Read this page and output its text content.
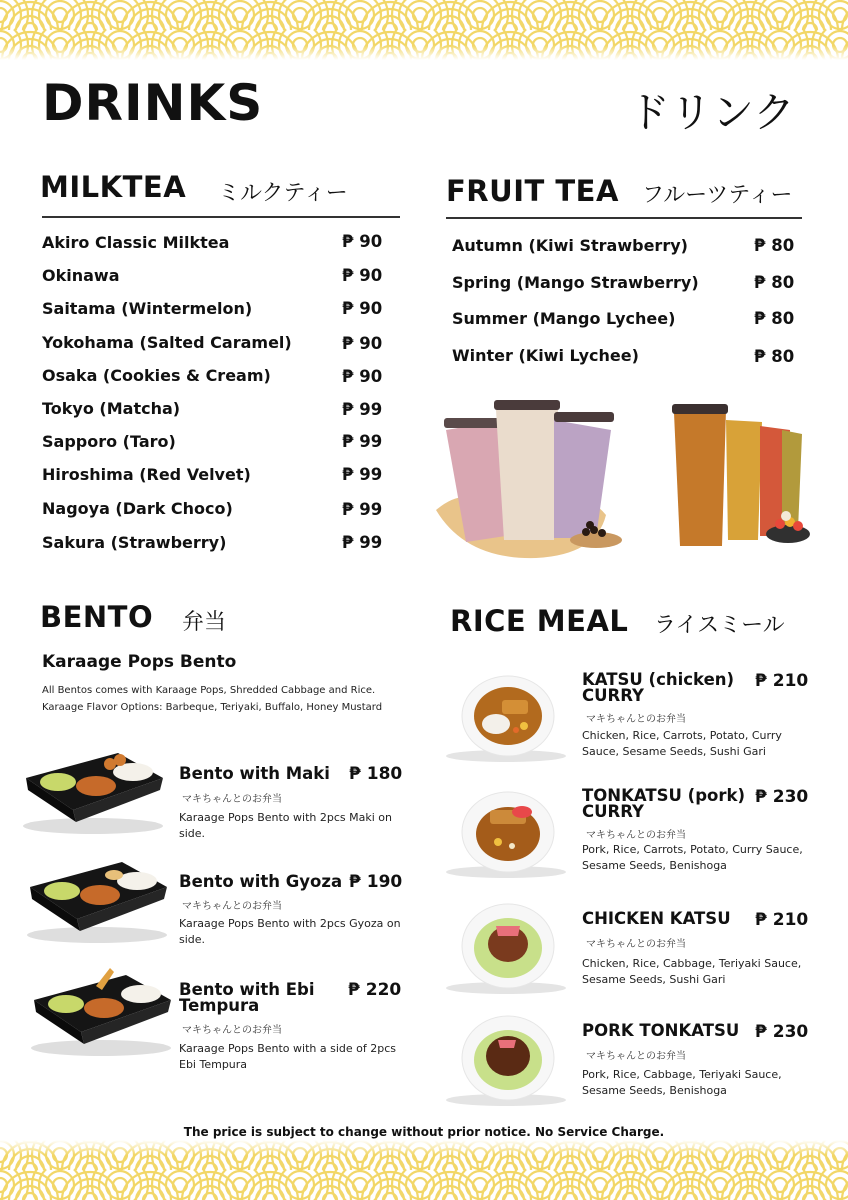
DRINKS	ドリンク
MILKTEA ミルクティー
Akiro Classic Milktea	₱ 90
Okinawa	₱ 90
Saitama (Wintermelon)	₱ 90
Yokohama (Salted Caramel)	₱ 90
Osaka (Cookies & Cream)	₱ 90
Tokyo (Matcha)	₱ 99
Sapporo (Taro)	₱ 99
Hiroshima (Red Velvet)	₱ 99
Nagoya (Dark Choco)	₱ 99
Sakura (Strawberry)	₱ 99
FRUIT TEA フルーツティー
Autumn (Kiwi Strawberry)	₱ 80
Spring (Mango Strawberry)	₱ 80
Summer (Mango Lychee)	₱ 80
Winter (Kiwi Lychee)	₱ 80
BENTO 弁当
Karaage Pops Bento
All Bentos comes with Karaage Pops, Shredded Cabbage and Rice.
Karaage Flavor Options: Barbeque, Teriyaki, Buffalo, Honey Mustard
Bento with Maki ₱ 180
マキちゃんとのお弁当
Karaage Pops Bento with 2pcs Maki on side.
Bento with Gyoza ₱ 190
マキちゃんとのお弁当
Karaage Pops Bento with 2pcs Gyoza on side.
Bento with Ebi Tempura
₱ 220
マキちゃんとのお弁当
Karaage Pops Bento with a side of 2pcs Ebi Tempura
RICE MEAL ライスミール
KATSU (chicken) CURRY
₱ 210
マキちゃんとのお弁当
Chicken, Rice, Carrots, Potato, Curry Sauce, Sesame Seeds, Sushi Gari
TONKATSU (pork) CURRY
₱ 230
マキちゃんとのお弁当
Pork, Rice, Carrots, Potato, Curry Sauce, Sesame Seeds, Benishoga
CHICKEN KATSU ₱ 210
マキちゃんとのお弁当
Chicken, Rice, Cabbage, Teriyaki Sauce, Sesame Seeds, Sushi Gari
PORK TONKATSU ₱ 230
マキちゃんとのお弁当
Pork, Rice, Cabbage, Teriyaki Sauce, Sesame Seeds, Benishoga
The price is subject to change without prior notice. No Service Charge.
